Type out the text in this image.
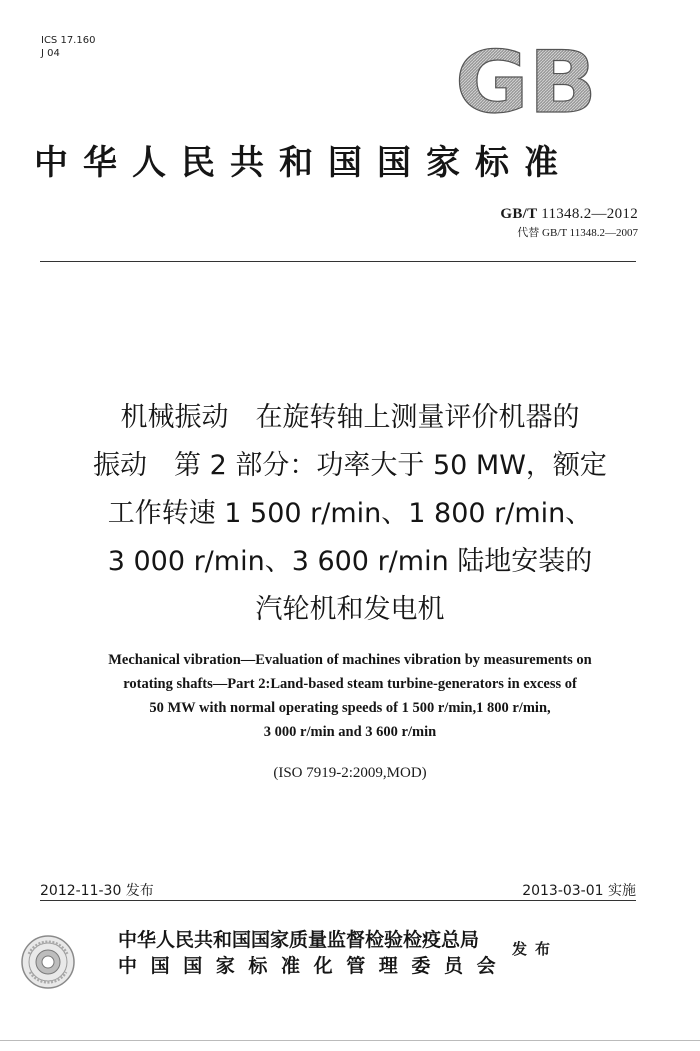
ICS 17.160
J 04	GB
中华人民共和国国家标准
GB/T 11348.2—2012
代替 GB/T 11348.2—2007
机械振动　在旋转轴上测量评价机器的
振动　第 2 部分：功率大于 50 MW，额定
工作转速 1 500 r/min、1 800 r/min、
3 000 r/min、3 600 r/min 陆地安装的
汽轮机和发电机
Mechanical vibration—Evaluation of machines vibration by measurements on
rotating shafts—Part 2:Land-based steam turbine-generators in excess of
50 MW with normal operating speeds of 1 500 r/min,1 800 r/min,
3 000 r/min and 3 600 r/min
(ISO 7919-2:2009,MOD)
2012-11-30 发布	2013-03-01 实施
中华人民共和国国家质量监督检验检疫总局
中国国家标准化管理委员会
发布
